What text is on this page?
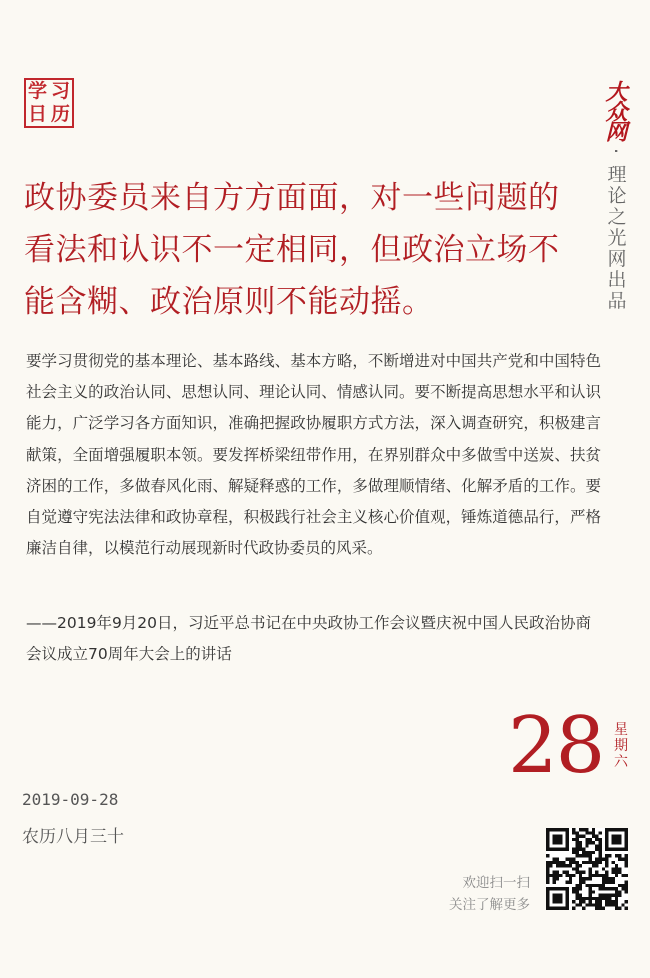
学 习
日 历	大众网
· 理论之光网出品
政协委员来自方方面面，对一些问题的看法和认识不一定相同，但政治立场不能含糊、政治原则不能动摇。

要学习贯彻党的基本理论、基本路线、基本方略，不断增进对中国共产党和中国特色社会主义的政治认同、思想认同、理论认同、情感认同。要不断提高思想水平和认识能力，广泛学习各方面知识，准确把握政协履职方式方法，深入调查研究，积极建言献策，全面增强履职本领。要发挥桥梁纽带作用，在界别群众中多做雪中送炭、扶贫济困的工作，多做春风化雨、解疑释惑的工作，多做理顺情绪、化解矛盾的工作。要自觉遵守宪法法律和政协章程，积极践行社会主义核心价值观，锤炼道德品行，严格廉洁自律，以模范行动展现新时代政协委员的风采。

——2019年9月20日，习近平总书记在中央政协工作会议暨庆祝中国人民政治协商会议成立70周年大会上的讲话

28 星期六
2019-09-28
农历八月三十
欢迎扫一扫
关注了解更多
